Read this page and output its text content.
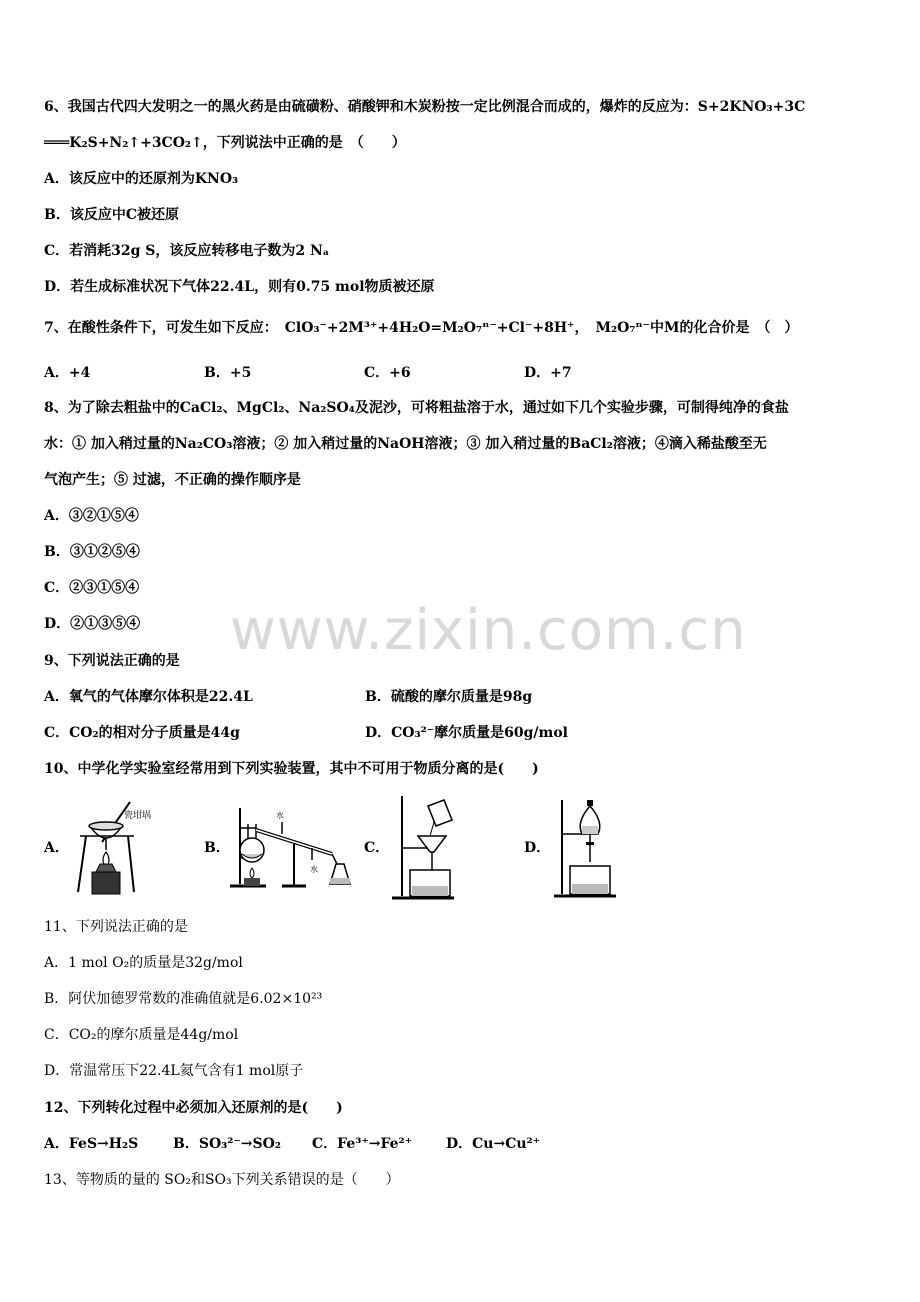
www.zixin.com.cn
6、我国古代四大发明之一的黑火药是由硫磺粉、硝酸钾和木炭粉按一定比例混合而成的，爆炸的反应为：S+2KNO₃+3C
═══K₂S+N₂↑+3CO₂↑，下列说法中正确的是　（　　）
A．该反应中的还原剂为KNO₃
B．该反应中C被还原
C．若消耗32g S，该反应转移电子数为2 Nₐ
D．若生成标准状况下气体22.4L，则有0.75 mol物质被还原
7、在酸性条件下，可发生如下反应：　ClO₃⁻+2M³⁺+4H₂O=M₂O₇ⁿ⁻+Cl⁻+8H⁺，　M₂O₇ⁿ⁻中M的化合价是　（　）
A．+4	B．+5	C．+6	D．+7
8、为了除去粗盐中的CaCl₂、MgCl₂、Na₂SO₄及泥沙，可将粗盐溶于水，通过如下几个实验步骤，可制得纯净的食盐
水：① 加入稍过量的Na₂CO₃溶液；② 加入稍过量的NaOH溶液；③ 加入稍过量的BaCl₂溶液；④滴入稀盐酸至无
气泡产生；⑤ 过滤，不正确的操作顺序是
A．③②①⑤④
B．③①②⑤④
C．②③①⑤④
D．②①③⑤④
9、下列说法正确的是
A．氧气的气体摩尔体积是22.4L	B．硫酸的摩尔质量是98g
C．CO₂的相对分子质量是44g	D．CO₃²⁻摩尔质量是60g/mol
10、中学化学实验室经常用到下列实验装置，其中不可用于物质分离的是(　　)
A．
瓷坩埚
B．
水
水
C．	D．
11、下列说法正确的是
A．1 mol O₂的质量是32g/mol
B．阿伏加德罗常数的准确值就是6.02×10²³
C．CO₂的摩尔质量是44g/mol
D．常温常压下22.4L氦气含有1 mol原子
12、下列转化过程中必须加入还原剂的是(　　)
A．FeS→H₂S B．SO₃²⁻→SO₂ C．Fe³⁺→Fe²⁺ D．Cu→Cu²⁺
13、等物质的量的 SO₂和SO₃下列关系错误的是（　　）
